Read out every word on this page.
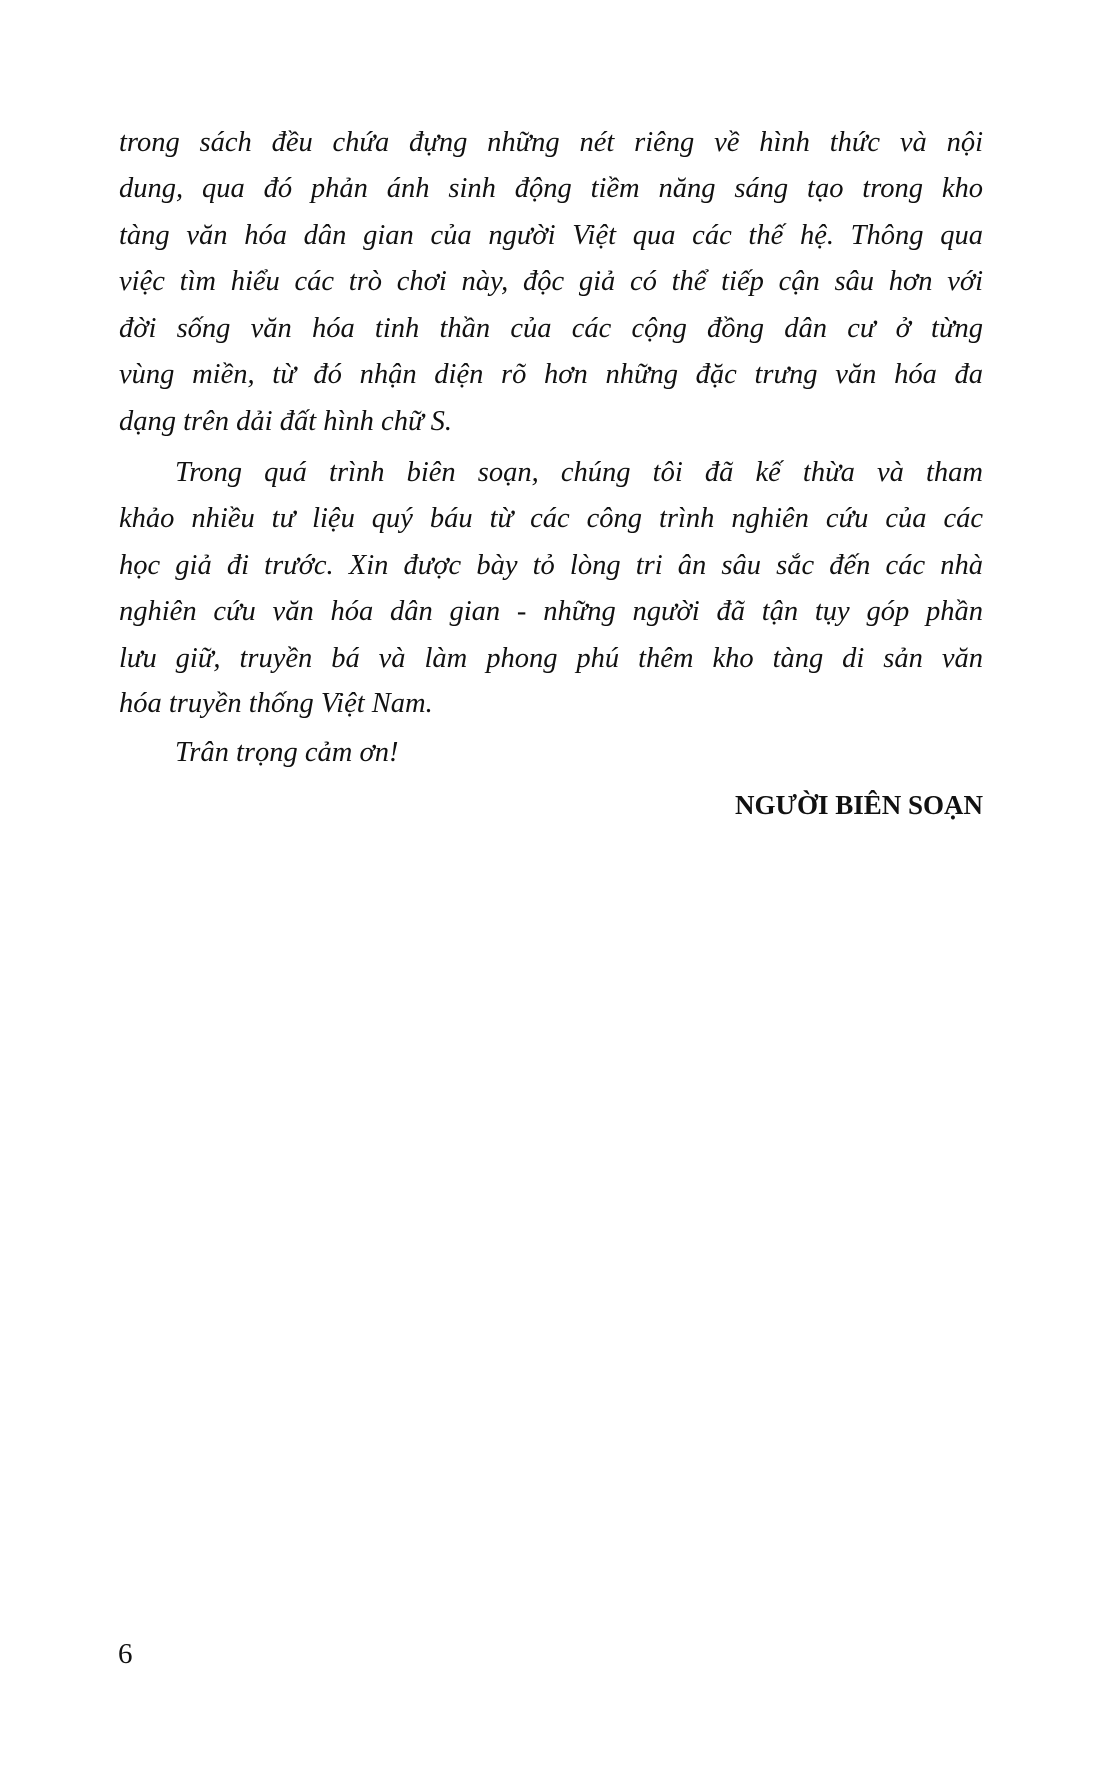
trong sách đều chứa đựng những nét riêng về hình thức và nội
dung, qua đó phản ánh sinh động tiềm năng sáng tạo trong kho
tàng văn hóa dân gian của người Việt qua các thế hệ. Thông qua
việc tìm hiểu các trò chơi này, độc giả có thể tiếp cận sâu hơn với
đời sống văn hóa tinh thần của các cộng đồng dân cư ở từng
vùng miền, từ đó nhận diện rõ hơn những đặc trưng văn hóa đa
dạng trên dải đất hình chữ S.
Trong quá trình biên soạn, chúng tôi đã kế thừa và tham
khảo nhiều tư liệu quý báu từ các công trình nghiên cứu của các
học giả đi trước. Xin được bày tỏ lòng tri ân sâu sắc đến các nhà
nghiên cứu văn hóa dân gian - những người đã tận tụy góp phần
lưu giữ, truyền bá và làm phong phú thêm kho tàng di sản văn
hóa truyền thống Việt Nam.
Trân trọng cảm ơn!
NGƯỜI BIÊN SOẠN
6
